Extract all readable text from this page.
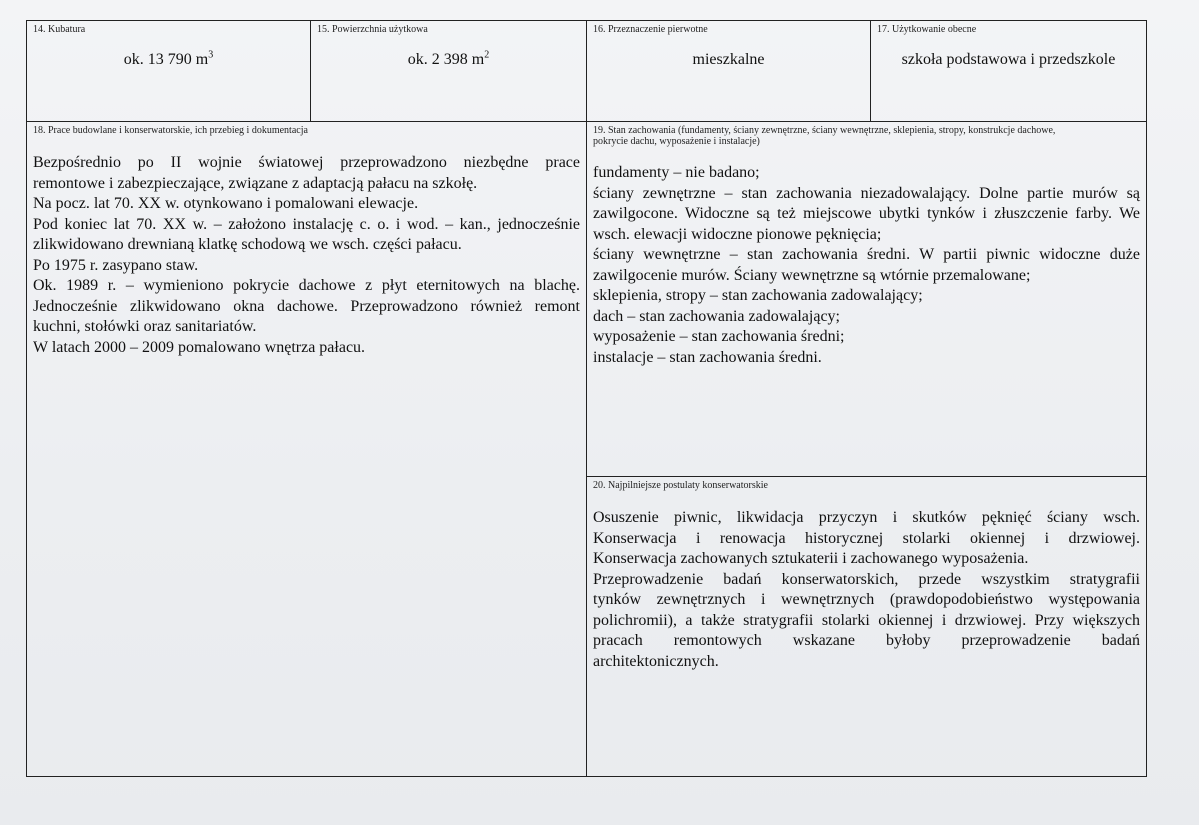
14. Kubatura
ok. 13 790 $m^3$
15. Powierzchnia użytkowa
ok. 2 398 $m^2$
16. Przeznaczenie pierwotne
mieszkalne
17. Użytkowanie obecne
szkoła podstawowa i przedszkole
18. Prace budowlane i konserwatorskie, ich przebieg i dokumentacja
Bezpośrednio po II wojnie światowej przeprowadzono niezbędne prace
remontowe i zabezpieczające, związane z adaptacją pałacu na szkołę.
Na pocz. lat 70. XX w. otynkowano i pomalowani elewacje.
Pod koniec lat 70. XX w. – założono instalację c. o. i wod. – kan., jednocześnie
zlikwidowano drewnianą klatkę schodową we wsch. części pałacu.
Po 1975 r. zasypano staw.
Ok. 1989 r. – wymieniono pokrycie dachowe z płyt eternitowych na blachę.
Jednocześnie zlikwidowano okna dachowe. Przeprowadzono również remont
kuchni, stołówki oraz sanitariatów.
W latach 2000 – 2009 pomalowano wnętrza pałacu.
19. Stan zachowania (fundamenty, ściany zewnętrzne, ściany wewnętrzne, sklepienia, stropy, konstrukcje dachowe,
pokrycie dachu, wyposażenie i instalacje)
fundamenty – nie badano;
ściany zewnętrzne – stan zachowania niezadowalający. Dolne partie murów są
zawilgocone. Widoczne są też miejscowe ubytki tynków i złuszczenie farby. We
wsch. elewacji widoczne pionowe pęknięcia;
ściany wewnętrzne – stan zachowania średni. W partii piwnic widoczne duże
zawilgocenie murów. Ściany wewnętrzne są wtórnie przemalowane;
sklepienia, stropy – stan zachowania zadowalający;
dach – stan zachowania zadowalający;
wyposażenie – stan zachowania średni;
instalacje – stan zachowania średni.
20. Najpilniejsze postulaty konserwatorskie
Osuszenie piwnic, likwidacja przyczyn i skutków pęknięć ściany wsch.
Konserwacja i renowacja historycznej stolarki okiennej i drzwiowej.
Konserwacja zachowanych sztukaterii i zachowanego wyposażenia.
Przeprowadzenie badań konserwatorskich, przede wszystkim stratygrafii
tynków zewnętrznych i wewnętrznych (prawdopodobieństwo występowania
polichromii), a także stratygrafii stolarki okiennej i drzwiowej. Przy większych
pracach remontowych wskazane byłoby przeprowadzenie badań
architektonicznych.
